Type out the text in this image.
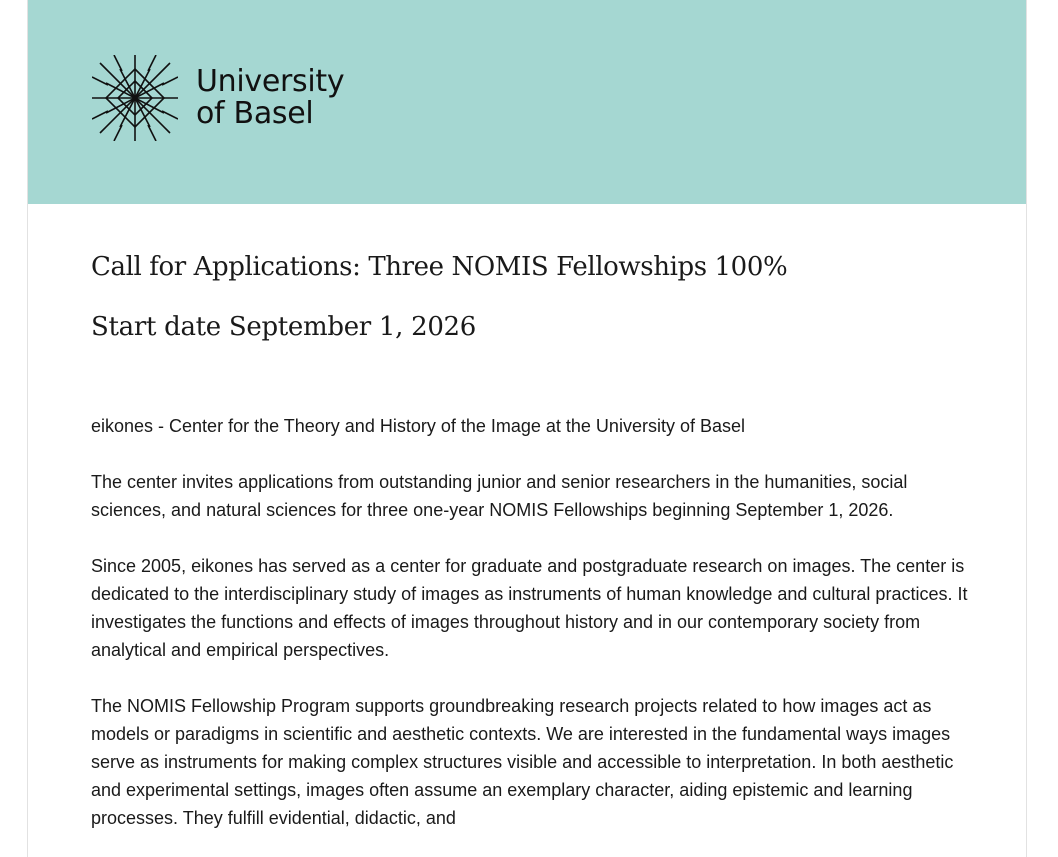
University
of Basel
Call for Applications: Three NOMIS Fellowships 100%
Start date September 1, 2026

eikones - Center for the Theory and History of the Image at the University of Basel

The center invites applications from outstanding junior and senior researchers in the humanities, social sciences, and natural sciences for three one-year NOMIS Fellowships beginning September 1, 2026.

Since 2005, eikones has served as a center for graduate and postgraduate research on images. The center is dedicated to the interdisciplinary study of images as instruments of human knowledge and cultural practices. It investigates the functions and effects of images throughout history and in our contemporary society from analytical and empirical perspectives.

The NOMIS Fellowship Program supports groundbreaking research projects related to how images act as models or paradigms in scientific and aesthetic contexts. We are interested in the fundamental ways images serve as instruments for making complex structures visible and accessible to interpretation. In both aesthetic and experimental settings, images often assume an exemplary character, aiding epistemic and learning processes. They fulfill evidential, didactic, and
